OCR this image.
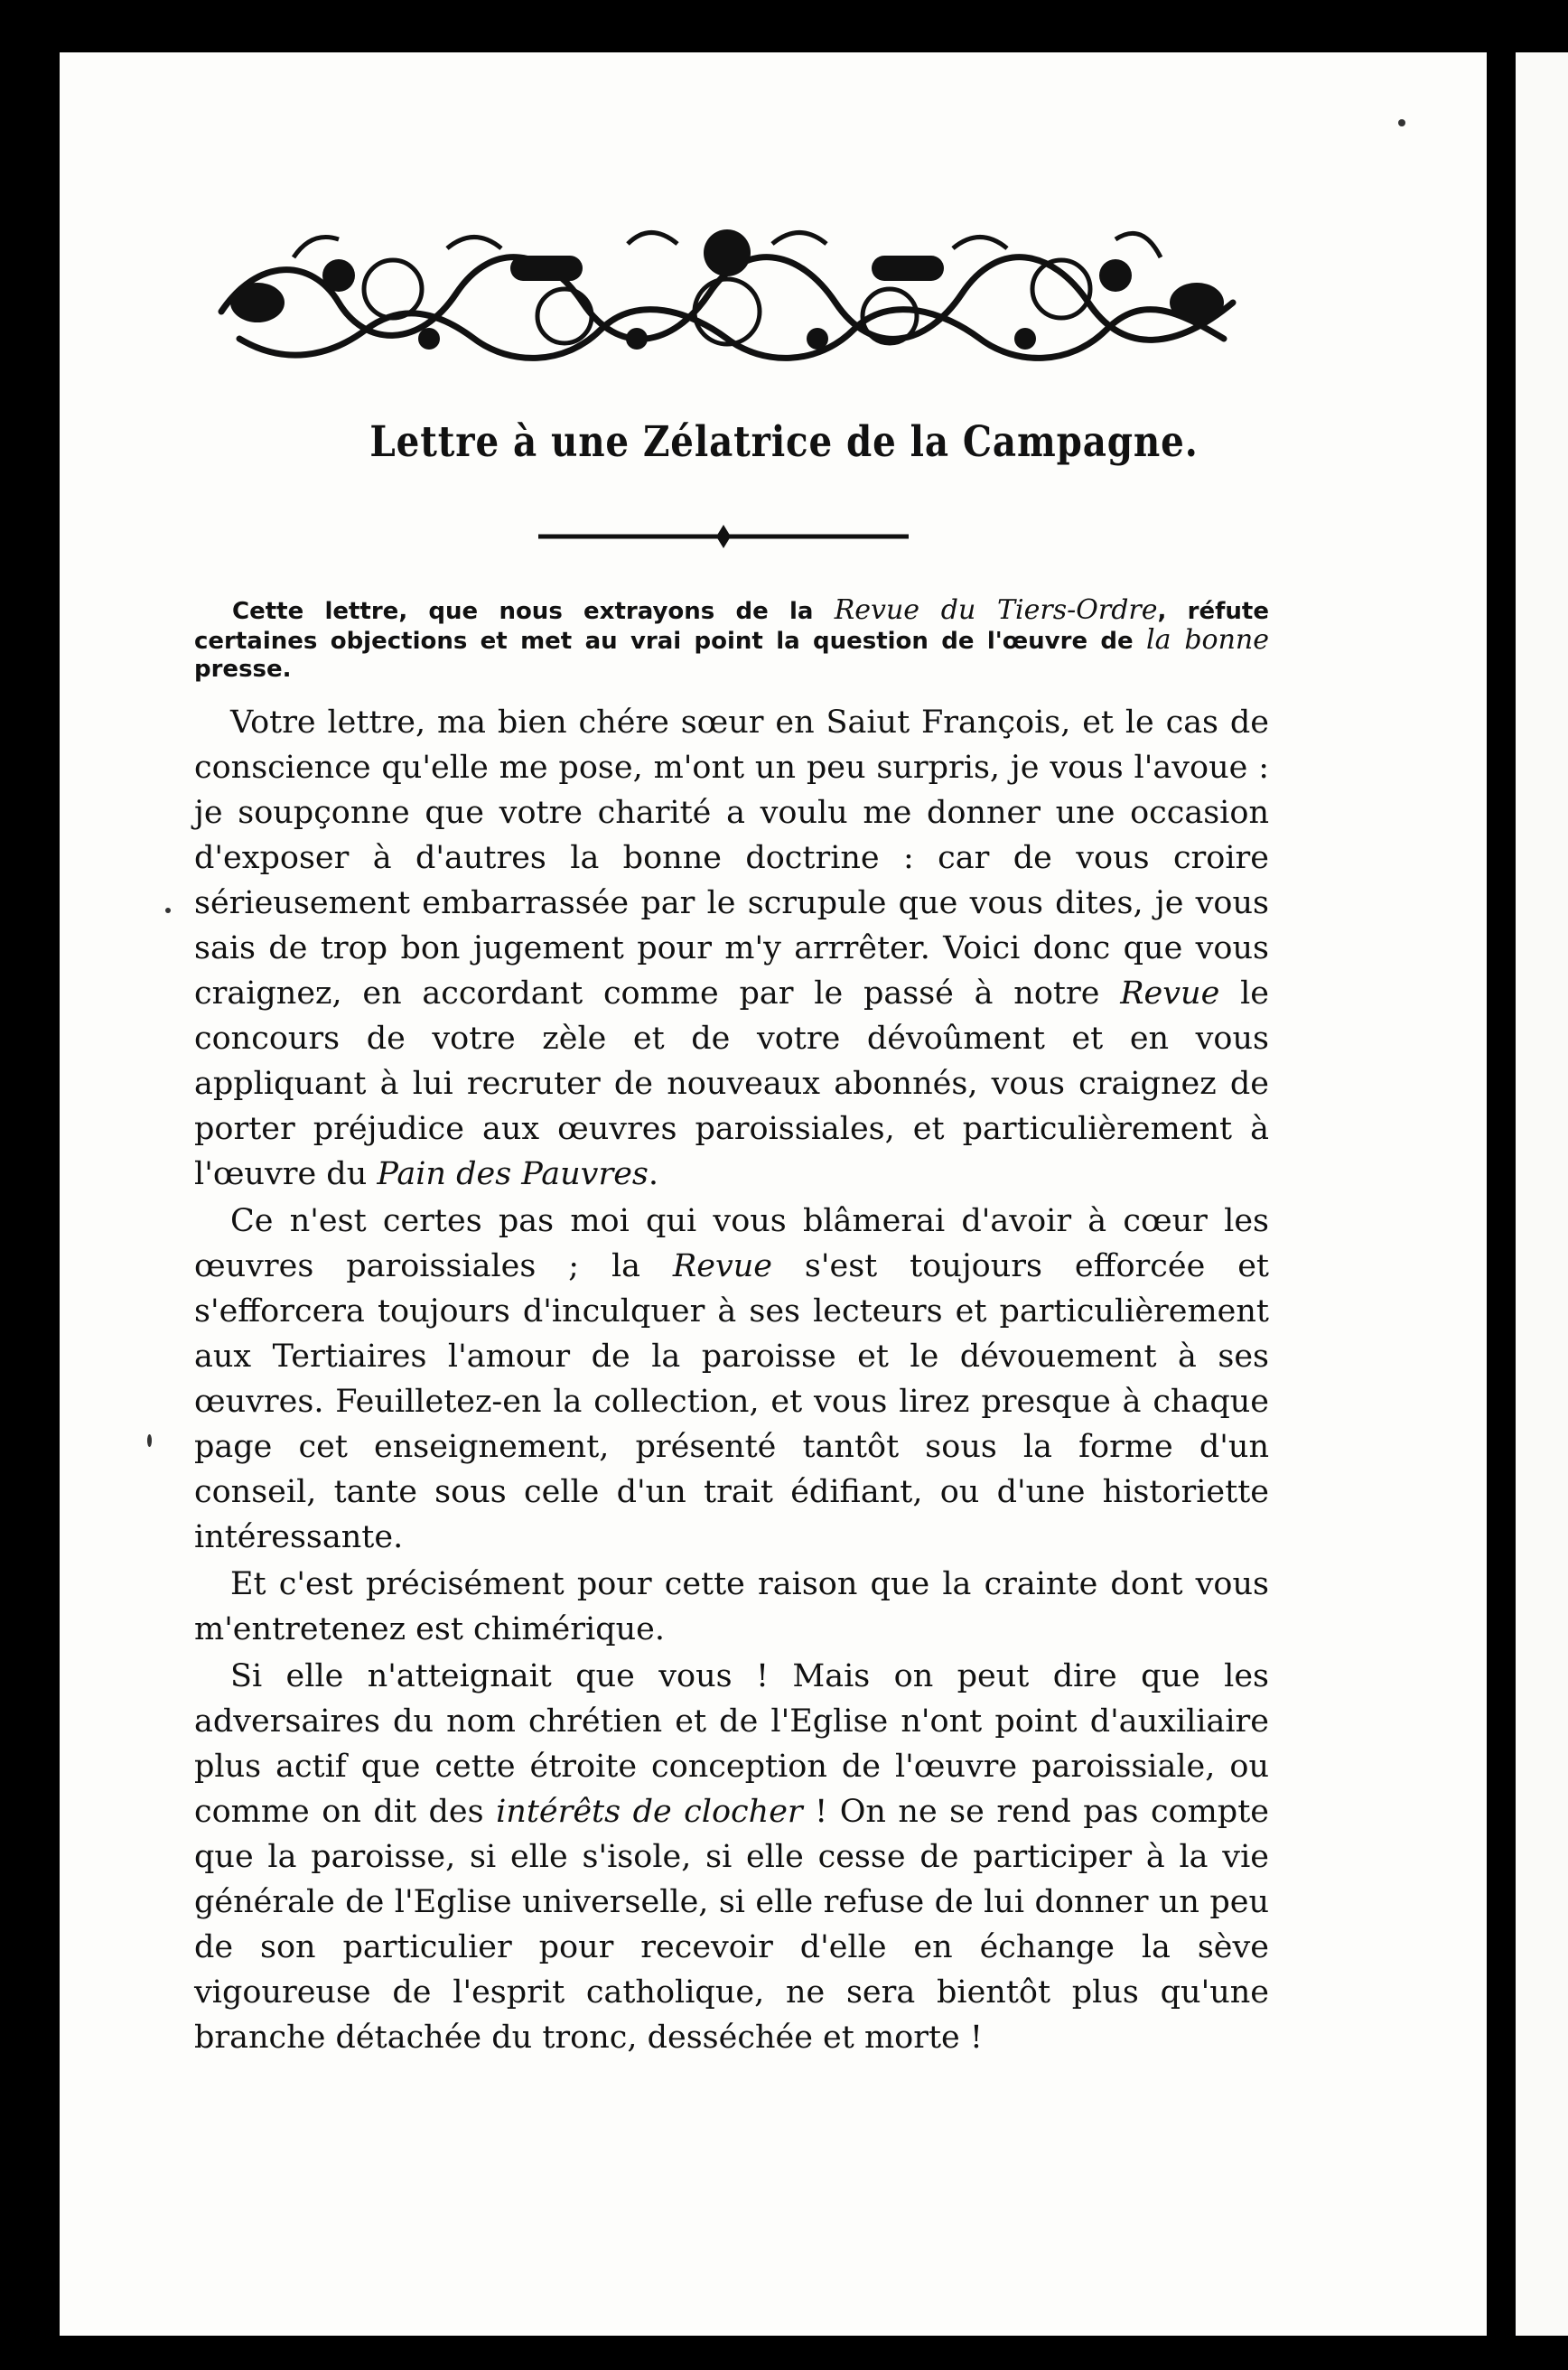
Lettre à une Zélatrice de la Campagne.
Cette lettre, que nous extrayons de la Revue du Tiers-Ordre, réfute certaines objections et met au vrai point la question de l'œuvre de la bonne presse.

Votre lettre, ma bien chére sœur en Saiut François, et le cas de conscience qu'elle me pose, m'ont un peu surpris, je vous l'avoue : je soupçonne que votre charité a voulu me donner une occasion d'exposer à d'autres la bonne doctrine : car de vous croire sérieusement embarrassée par le scrupule que vous dites, je vous sais de trop bon jugement pour m'y arrrêter. Voici donc que vous craignez, en accordant comme par le passé à notre Revue le concours de votre zèle et de votre dévoûment et en vous appliquant à lui recruter de nouveaux abonnés, vous craignez de porter préjudice aux œuvres paroissiales, et particulièrement à l'œuvre du Pain des Pauvres.

Ce n'est certes pas moi qui vous blâmerai d'avoir à cœur les œuvres paroissiales ; la Revue s'est toujours efforcée et s'efforcera toujours d'inculquer à ses lecteurs et particulièrement aux Tertiaires l'amour de la paroisse et le dévouement à ses œuvres. Feuilletez-en la collection, et vous lirez presque à chaque page cet enseignement, présenté tantôt sous la forme d'un conseil, tante sous celle d'un trait édifiant, ou d'une historiette intéressante.

Et c'est précisément pour cette raison que la crainte dont vous m'entretenez est chimérique.

Si elle n'atteignait que vous ! Mais on peut dire que les adversaires du nom chrétien et de l'Eglise n'ont point d'auxiliaire plus actif que cette étroite conception de l'œuvre paroissiale, ou comme on dit des intérêts de clocher ! On ne se rend pas compte que la paroisse, si elle s'isole, si elle cesse de participer à la vie générale de l'Eglise universelle, si elle refuse de lui donner un peu de son particulier pour recevoir d'elle en échange la sève vigoureuse de l'esprit catholique, ne sera bientôt plus qu'une branche détachée du tronc, desséchée et morte !
